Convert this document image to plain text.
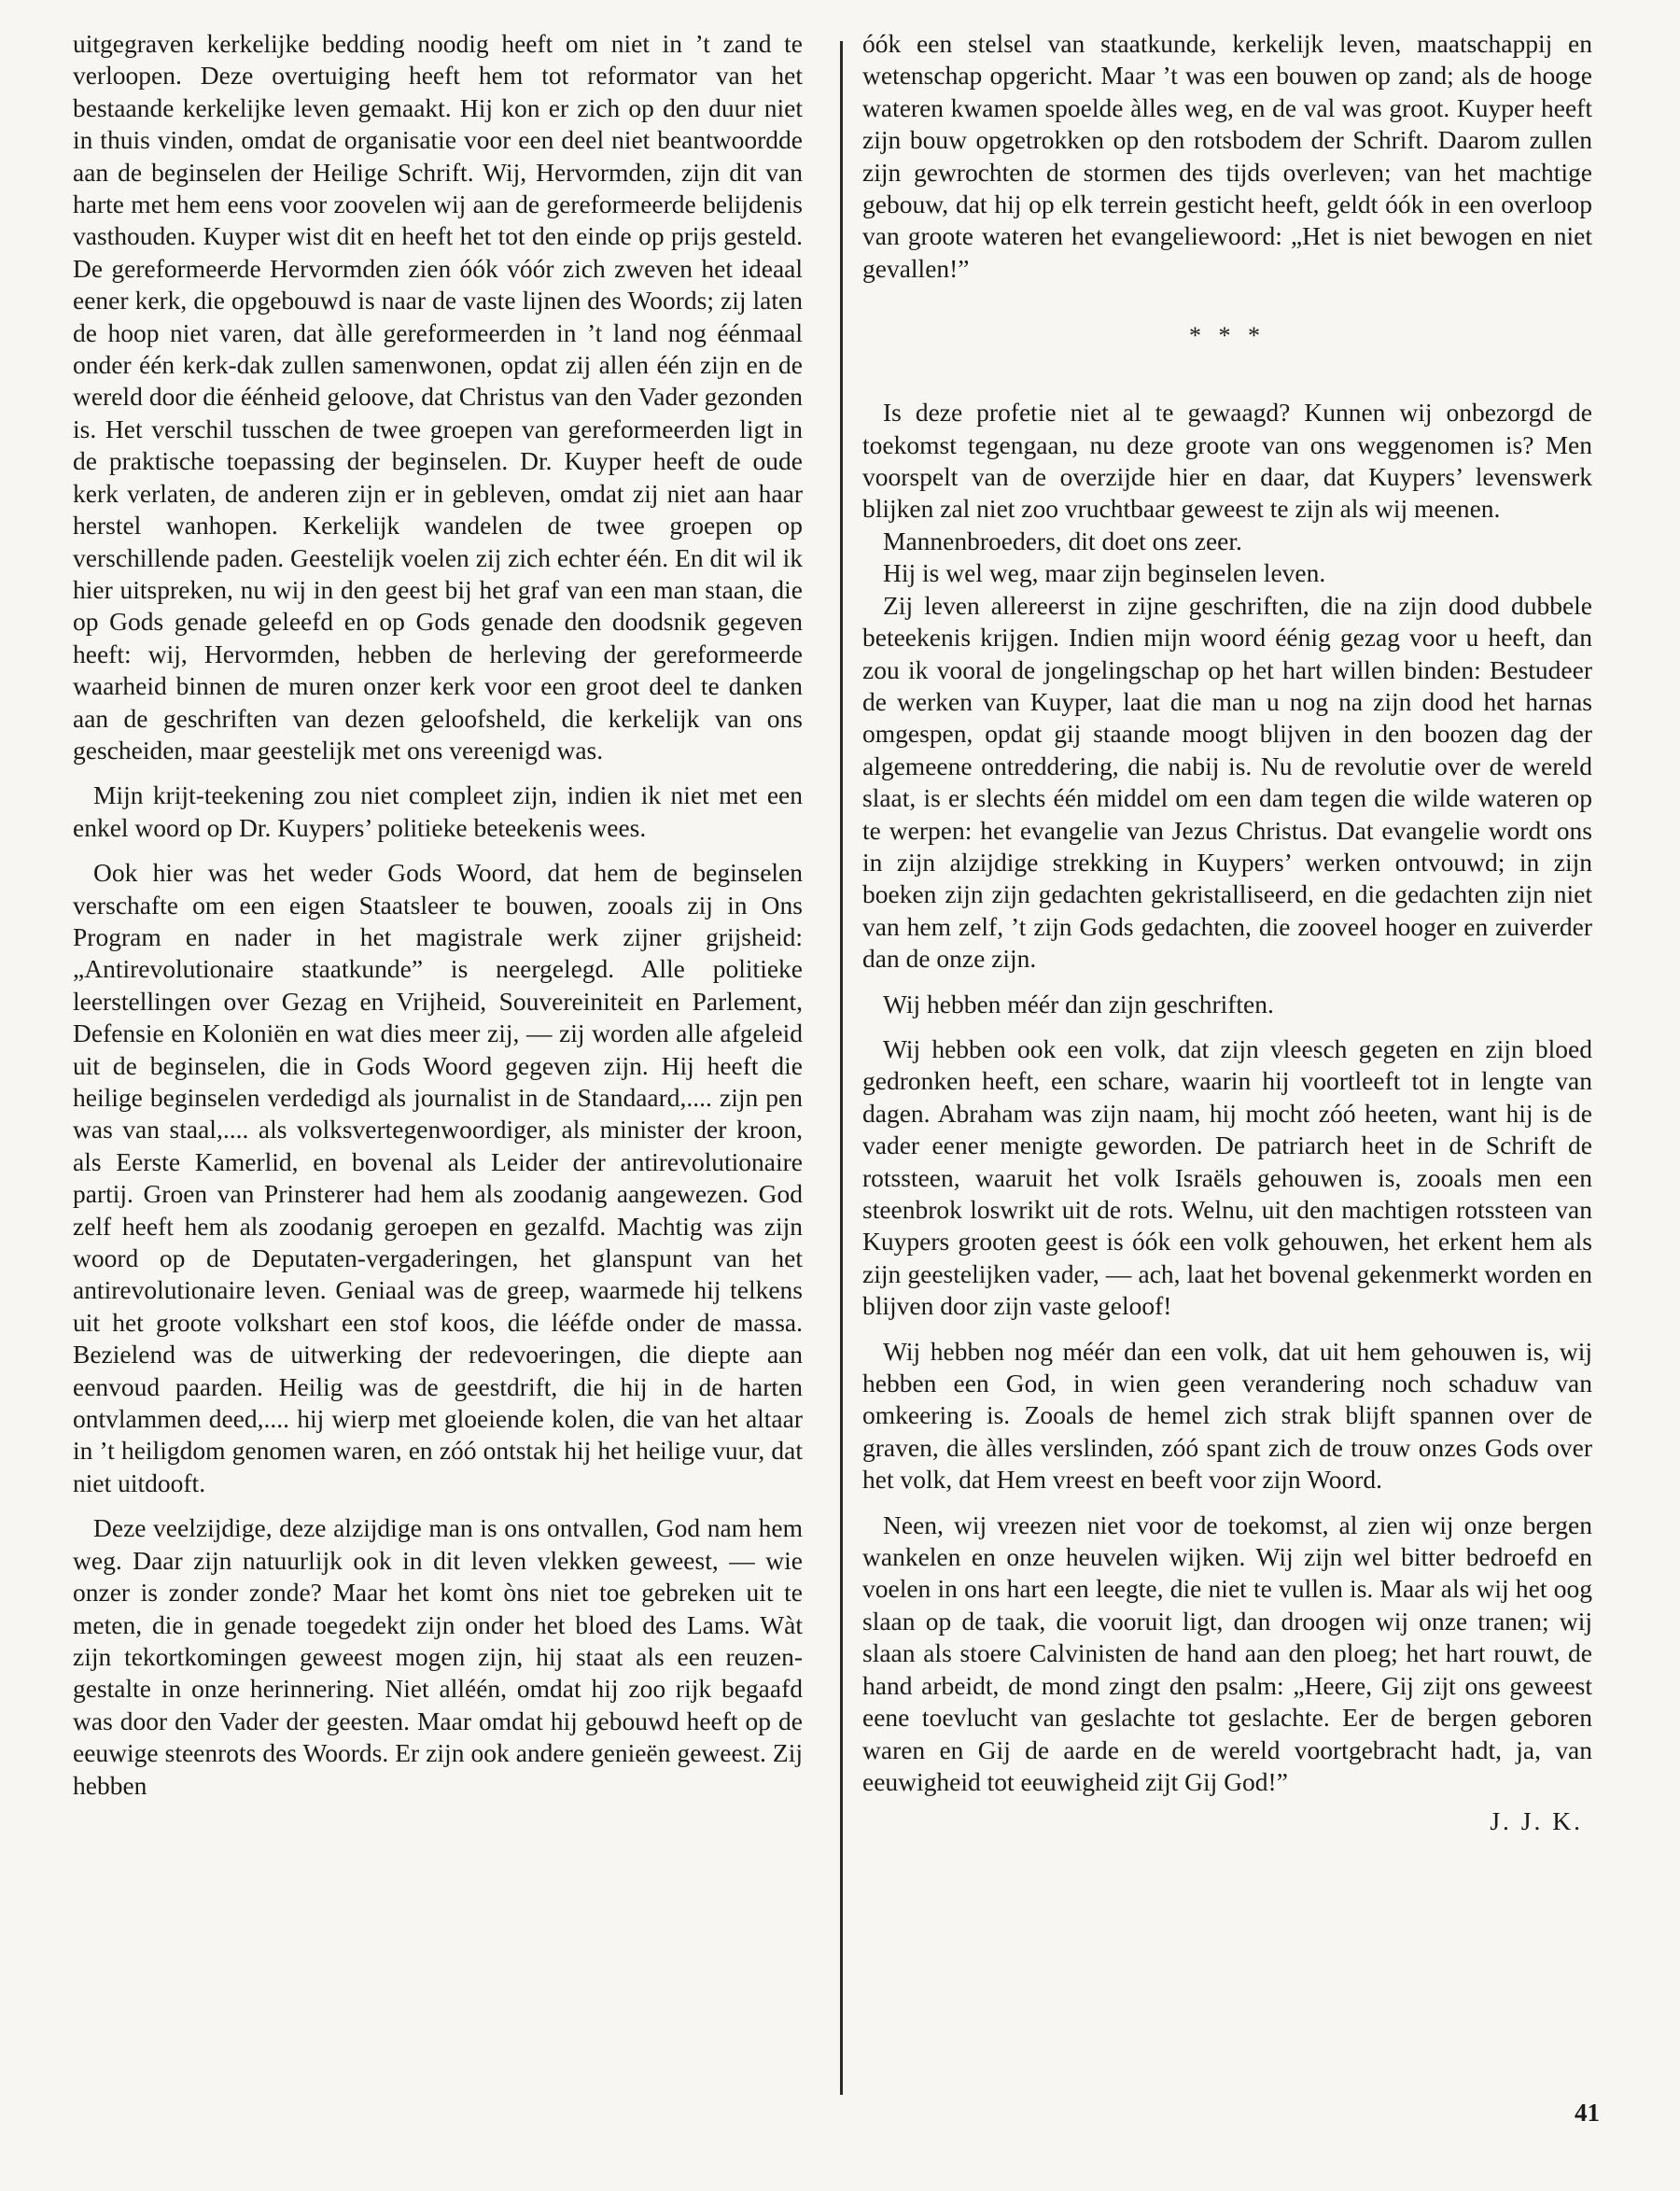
uitgegraven kerkelijke bedding noodig heeft om niet in ’t zand te verloopen. Deze overtuiging heeft hem tot reformator van het bestaande kerkelijke leven gemaakt. Hij kon er zich op den duur niet in thuis vinden, omdat de organisatie voor een deel niet beantwoordde aan de beginselen der Heilige Schrift. Wij, Hervormden, zijn dit van harte met hem eens voor zoovelen wij aan de gereformeerde belijdenis vasthouden. Kuyper wist dit en heeft het tot den einde op prijs gesteld. De gereformeerde Hervormden zien óók vóór zich zweven het ideaal eener kerk, die opgebouwd is naar de vaste lijnen des Woords; zij laten de hoop niet varen, dat àlle gereformeerden in ’t land nog éénmaal onder één kerk-dak zullen samenwonen, opdat zij allen één zijn en de wereld door die éénheid geloove, dat Christus van den Vader gezonden is. Het verschil tusschen de twee groepen van gereformeerden ligt in de praktische toepassing der beginselen. Dr. Kuyper heeft de oude kerk verlaten, de anderen zijn er in gebleven, omdat zij niet aan haar herstel wanhopen. Kerkelijk wandelen de twee groepen op verschillende paden. Geestelijk voelen zij zich echter één. En dit wil ik hier uitspreken, nu wij in den geest bij het graf van een man staan, die op Gods genade geleefd en op Gods genade den doodsnik gegeven heeft: wij, Hervormden, hebben de herleving der gereformeerde waarheid binnen de muren onzer kerk voor een groot deel te danken aan de geschriften van dezen geloofsheld, die kerkelijk van ons gescheiden, maar geestelijk met ons vereenigd was.

Mijn krijt-teekening zou niet compleet zijn, indien ik niet met een enkel woord op Dr. Kuypers’ politieke beteekenis wees.

Ook hier was het weder Gods Woord, dat hem de beginselen verschafte om een eigen Staatsleer te bouwen, zooals zij in Ons Program en nader in het magistrale werk zijner grijsheid: „Antirevolutionaire staatkunde” is neergelegd. Alle politieke leerstellingen over Gezag en Vrijheid, Souvereiniteit en Parlement, Defensie en Koloniën en wat dies meer zij, — zij worden alle afgeleid uit de beginselen, die in Gods Woord gegeven zijn. Hij heeft die heilige beginselen verdedigd als journalist in de Standaard,.... zijn pen was van staal,.... als volksvertegenwoordiger, als minister der kroon, als Eerste Kamerlid, en bovenal als Leider der antirevolutionaire partij. Groen van Prinsterer had hem als zoodanig aangewezen. God zelf heeft hem als zoodanig geroepen en gezalfd. Machtig was zijn woord op de Deputaten-vergaderingen, het glanspunt van het antirevolutionaire leven. Geniaal was de greep, waarmede hij telkens uit het groote volkshart een stof koos, die lééfde onder de massa. Bezielend was de uitwerking der redevoeringen, die diepte aan eenvoud paarden. Heilig was de geestdrift, die hij in de harten ontvlammen deed,.... hij wierp met gloeiende kolen, die van het altaar in ’t heiligdom genomen waren, en zóó ontstak hij het heilige vuur, dat niet uitdooft.

Deze veelzijdige, deze alzijdige man is ons ontvallen, God nam hem weg. Daar zijn natuurlijk ook in dit leven vlekken geweest, — wie onzer is zonder zonde? Maar het komt òns niet toe gebreken uit te meten, die in genade toegedekt zijn onder het bloed des Lams. Wàt zijn tekortkomingen geweest mogen zijn, hij staat als een reuzen-gestalte in onze herinnering. Niet alléén, omdat hij zoo rijk begaafd was door den Vader der geesten. Maar omdat hij gebouwd heeft op de eeuwige steenrots des Woords. Er zijn ook andere genieën geweest. Zij hebben

óók een stelsel van staatkunde, kerkelijk leven, maatschappij en wetenschap opgericht. Maar ’t was een bouwen op zand; als de hooge wateren kwamen spoelde àlles weg, en de val was groot. Kuyper heeft zijn bouw opgetrokken op den rotsbodem der Schrift. Daarom zullen zijn gewrochten de stormen des tijds overleven; van het machtige gebouw, dat hij op elk terrein gesticht heeft, geldt óók in een overloop van groote wateren het evangeliewoord: „Het is niet bewogen en niet gevallen!”

* * *

Is deze profetie niet al te gewaagd? Kunnen wij onbezorgd de toekomst tegengaan, nu deze groote van ons weggenomen is? Men voorspelt van de overzijde hier en daar, dat Kuypers’ levenswerk blijken zal niet zoo vruchtbaar geweest te zijn als wij meenen.

Mannenbroeders, dit doet ons zeer.

Hij is wel weg, maar zijn beginselen leven.

Zij leven allereerst in zijne geschriften, die na zijn dood dubbele beteekenis krijgen. Indien mijn woord éénig gezag voor u heeft, dan zou ik vooral de jongelingschap op het hart willen binden: Bestudeer de werken van Kuyper, laat die man u nog na zijn dood het harnas omgespen, opdat gij staande moogt blijven in den boozen dag der algemeene ontreddering, die nabij is. Nu de revolutie over de wereld slaat, is er slechts één middel om een dam tegen die wilde wateren op te werpen: het evangelie van Jezus Christus. Dat evangelie wordt ons in zijn alzijdige strekking in Kuypers’ werken ontvouwd; in zijn boeken zijn zijn gedachten gekristalliseerd, en die gedachten zijn niet van hem zelf, ’t zijn Gods gedachten, die zooveel hooger en zuiverder dan de onze zijn.

Wij hebben méér dan zijn geschriften.

Wij hebben ook een volk, dat zijn vleesch gegeten en zijn bloed gedronken heeft, een schare, waarin hij voortleeft tot in lengte van dagen. Abraham was zijn naam, hij mocht zóó heeten, want hij is de vader eener menigte geworden. De patriarch heet in de Schrift de rotssteen, waaruit het volk Israëls gehouwen is, zooals men een steenbrok loswrikt uit de rots. Welnu, uit den machtigen rotssteen van Kuypers grooten geest is óók een volk gehouwen, het erkent hem als zijn geestelijken vader, — ach, laat het bovenal gekenmerkt worden en blijven door zijn vaste geloof!

Wij hebben nog méér dan een volk, dat uit hem gehouwen is, wij hebben een God, in wien geen verandering noch schaduw van omkeering is. Zooals de hemel zich strak blijft spannen over de graven, die àlles verslinden, zóó spant zich de trouw onzes Gods over het volk, dat Hem vreest en beeft voor zijn Woord.

Neen, wij vreezen niet voor de toekomst, al zien wij onze bergen wankelen en onze heuvelen wijken. Wij zijn wel bitter bedroefd en voelen in ons hart een leegte, die niet te vullen is. Maar als wij het oog slaan op de taak, die vooruit ligt, dan droogen wij onze tranen; wij slaan als stoere Calvinisten de hand aan den ploeg; het hart rouwt, de hand arbeidt, de mond zingt den psalm: „Heere, Gij zijt ons geweest eene toevlucht van geslachte tot geslachte. Eer de bergen geboren waren en Gij de aarde en de wereld voortgebracht hadt, ja, van eeuwigheid tot eeuwigheid zijt Gij God!”

J. J. K.
41
